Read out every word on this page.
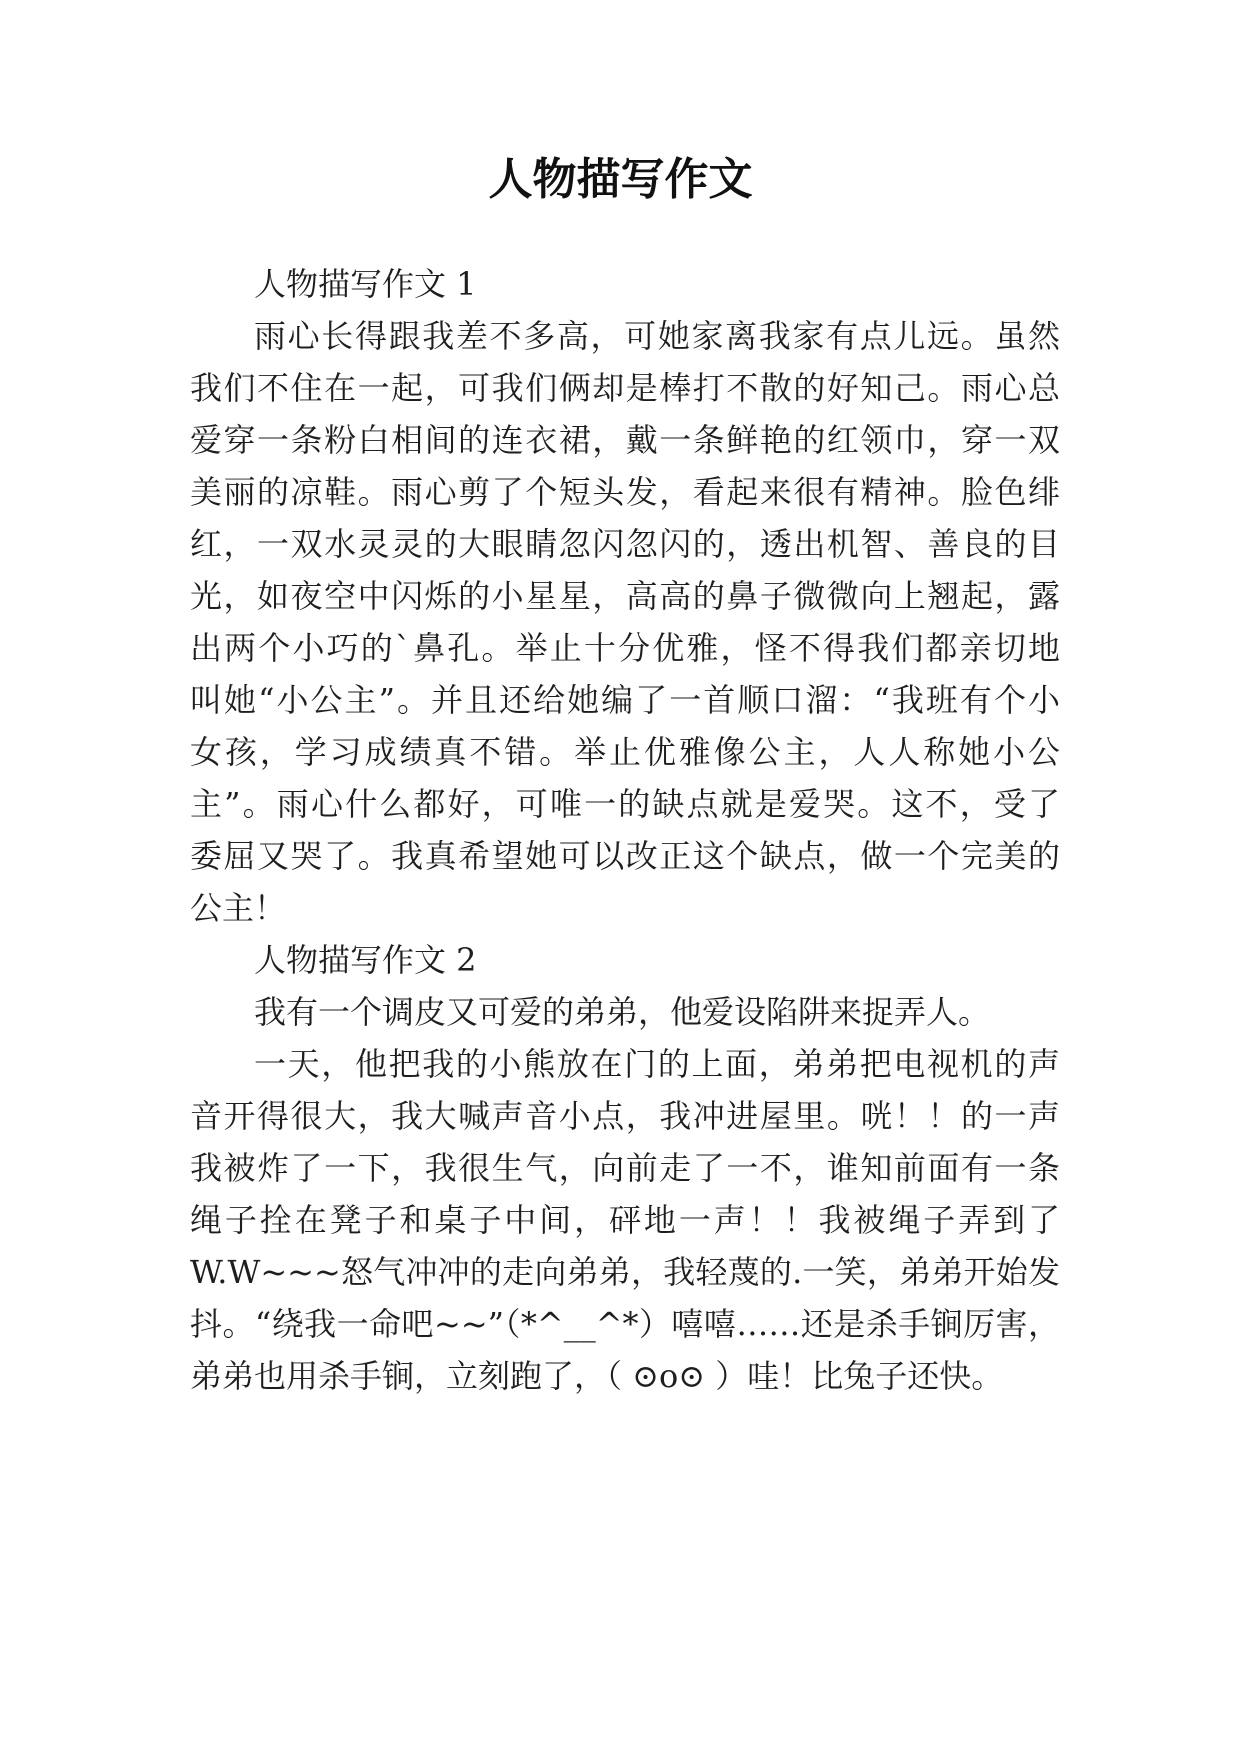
人物描写作文
人物描写作文 1
雨心长得跟我差不多高，可她家离我家有点儿远。虽然
我们不住在一起，可我们俩却是棒打不散的好知己。雨心总
爱穿一条粉白相间的连衣裙，戴一条鲜艳的红领巾，穿一双
美丽的凉鞋。雨心剪了个短头发，看起来很有精神。脸色绯
红，一双水灵灵的大眼睛忽闪忽闪的，透出机智、善良的目
光，如夜空中闪烁的小星星，高高的鼻子微微向上翘起，露
出两个小巧的`鼻孔。举止十分优雅，怪不得我们都亲切地
叫她“小公主”。并且还给她编了一首顺口溜：“我班有个小
女孩，学习成绩真不错。举止优雅像公主，人人称她小公
主”。雨心什么都好，可唯一的缺点就是爱哭。这不，受了
委屈又哭了。我真希望她可以改正这个缺点，做一个完美的
公主！
人物描写作文 2
我有一个调皮又可爱的弟弟，他爱设陷阱来捉弄人。
一天，他把我的小熊放在门的上面，弟弟把电视机的声
音开得很大，我大喊声音小点，我冲进屋里。咣！！的一声
我被炸了一下，我很生气，向前走了一不，谁知前面有一条
绳子拴在凳子和桌子中间，砰地一声！！我被绳子弄到了
W.W~~~怒气冲冲的走向弟弟，我轻蔑的.一笑，弟弟开始发
抖。“绕我一命吧~~”（*^__^*）嘻嘻……还是杀手锏厉害，
弟弟也用杀手锏，立刻跑了，（ ⊙o⊙ ）哇！比兔子还快。
